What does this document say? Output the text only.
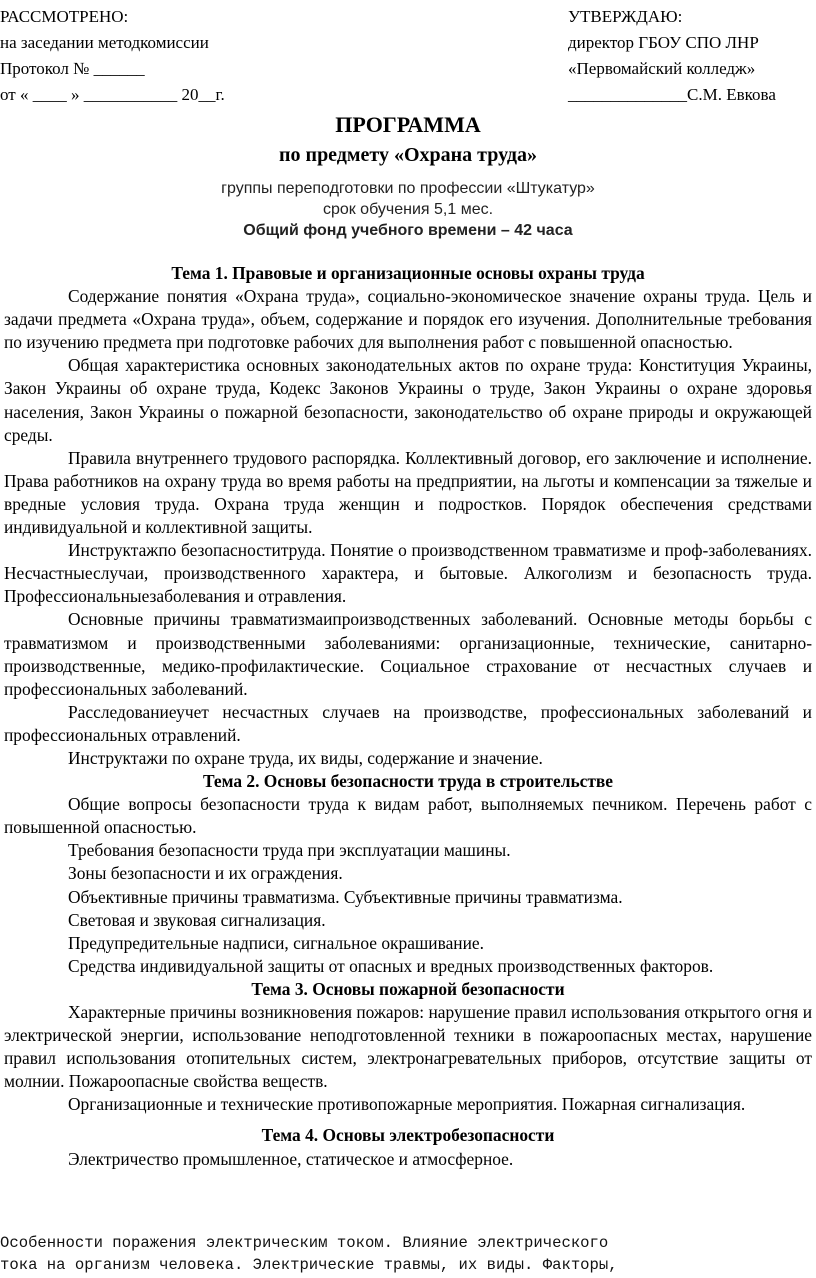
РАССМОТРЕНО:
на заседании методкомиссии
Протокол № ______
от « ____ » ___________ 20__г.
УТВЕРЖДАЮ:
директор ГБОУ СПО ЛНР
«Первомайский колледж»
______________С.М. Евкова
ПРОГРАММА
по предмету «Охрана труда»
группы переподготовки по профессии «Штукатур»
срок обучения 5,1 мес.
Общий фонд учебного времени – 42 часа
Тема 1. Правовые и организационные основы охраны труда

Содержание понятия «Охрана труда», социально-экономическое значение охраны труда. Цель и задачи предмета «Охрана труда», объем, содержание и порядок его изучения. Дополнительные требования по изучению предмета при подготовке рабочих для выполнения работ с повышенной опасностью.

Общая характеристика основных законодательных актов по охране труда: Конституция Украины, Закон Украины об охране труда, Кодекс Законов Украины о труде, Закон Украины о охране здоровья населения, Закон Украины о пожарной безопасности, законодательство об охране природы и окружающей среды.

Правила внутреннего трудового распорядка. Коллективный договор, его заключение и исполнение. Права работников на охрану труда во время работы на предприятии, на льготы и компенсации за тяжелые и вредные условия труда. Охрана труда женщин и подростков. Порядок обеспечения средствами индивидуальной и коллективной защиты.

Инструктажпо безопасноститруда. Понятие о производственном травматизме и проф-заболеваниях. Несчастныеслучаи, производственного характера, и бытовые. Алкоголизм и безопасность труда. Профессиональныезаболевания и отравления.

Основные причины травматизмаипроизводственных заболеваний. Основные методы борьбы с травматизмом и производственными заболеваниями: организационные, технические, санитарно-производственные, медико-профилактические. Социальное страхование от несчастных случаев и профессиональных заболеваний.

Расследованиеучет несчастных случаев на производстве, профессиональных заболеваний и профессиональных отравлений.

Инструктажи по охране труда, их виды, содержание и значение.

Тема 2. Основы безопасности труда в строительстве

Общие вопросы безопасности труда к видам работ, выполняемых печником. Перечень работ с повышенной опасностью.

Требования безопасности труда при эксплуатации машины.

Зоны безопасности и их ограждения.

Объективные причины травматизма. Субъективные причины травматизма.

Световая и звуковая сигнализация.

Предупредительные надписи, сигнальное окрашивание.

Средства индивидуальной защиты от опасных и вредных производственных факторов.

Тема 3. Основы пожарной безопасности

Характерные причины возникновения пожаров: нарушение правил использования открытого огня и электрической энергии, использование неподготовленной техники в пожароопасных местах, нарушение правил использования отопительных систем, электронагревательных приборов, отсутствие защиты от молнии. Пожароопасные свойства веществ.

Организационные и технические противопожарные мероприятия. Пожарная сигнализация.

Тема 4. Основы электробезопасности

Электричество промышленное, статическое и атмосферное.

Особенности поражения электрическим током. Влияние электрического
тока на организм человека. Электрические травмы, их виды. Факторы,
